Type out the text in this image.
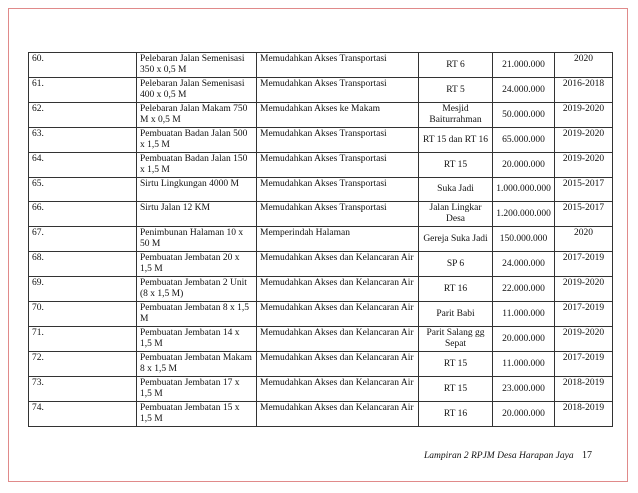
60.	Pelebaran Jalan Semenisasi 350 x 0,5 M	Memudahkan Akses Transportasi	RT 6	21.000.000	2020
61.	Pelebaran Jalan Semenisasi 400 x 0,5 M	Memudahkan Akses Transportasi	RT 5	24.000.000	2016-2018
62.	Pelebaran Jalan Makam 750 M x 0,5 M	Memudahkan Akses ke Makam	Mesjid Baiturrahman	50.000.000	2019-2020
63.	Pembuatan Badan Jalan 500 x 1,5 M	Memudahkan Akses Transportasi	RT 15 dan RT 16	65.000.000	2019-2020
64.	Pembuatan Badan Jalan 150 x 1,5 M	Memudahkan Akses Transportasi	RT 15	20.000.000	2019-2020
65.	Sirtu Lingkungan 4000 M	Memudahkan Akses Transportasi	Suka Jadi	1.000.000.000	2015-2017
66.	Sirtu Jalan 12 KM	Memudahkan Akses Transportasi	Jalan Lingkar Desa	1.200.000.000	2015-2017
67.	Penimbunan Halaman 10 x 50 M	Memperindah Halaman	Gereja Suka Jadi	150.000.000	2020
68.	Pembuatan Jembatan 20 x 1,5 M	Memudahkan Akses dan Kelancaran Air	SP 6	24.000.000	2017-2019
69.	Pembuatan Jembatan 2 Unit (8 x 1,5 M)	Memudahkan Akses dan Kelancaran Air	RT 16	22.000.000	2019-2020
70.	Pembuatan Jembatan 8 x 1,5 M	Memudahkan Akses dan Kelancaran Air	Parit Babi	11.000.000	2017-2019
71.	Pembuatan Jembatan 14 x 1,5 M	Memudahkan Akses dan Kelancaran Air	Parit Salang gg Sepat	20.000.000	2019-2020
72.	Pembuatan Jembatan Makam 8 x 1,5 M	Memudahkan Akses dan Kelancaran Air	RT 15	11.000.000	2017-2019
73.	Pembuatan Jembatan 17 x 1,5 M	Memudahkan Akses dan Kelancaran Air	RT 15	23.000.000	2018-2019
74.	Pembuatan Jembatan 15 x 1,5 M	Memudahkan Akses dan Kelancaran Air	RT 16	20.000.000	2018-2019
Lampiran 2 RPJM Desa Harapan Jaya 17
